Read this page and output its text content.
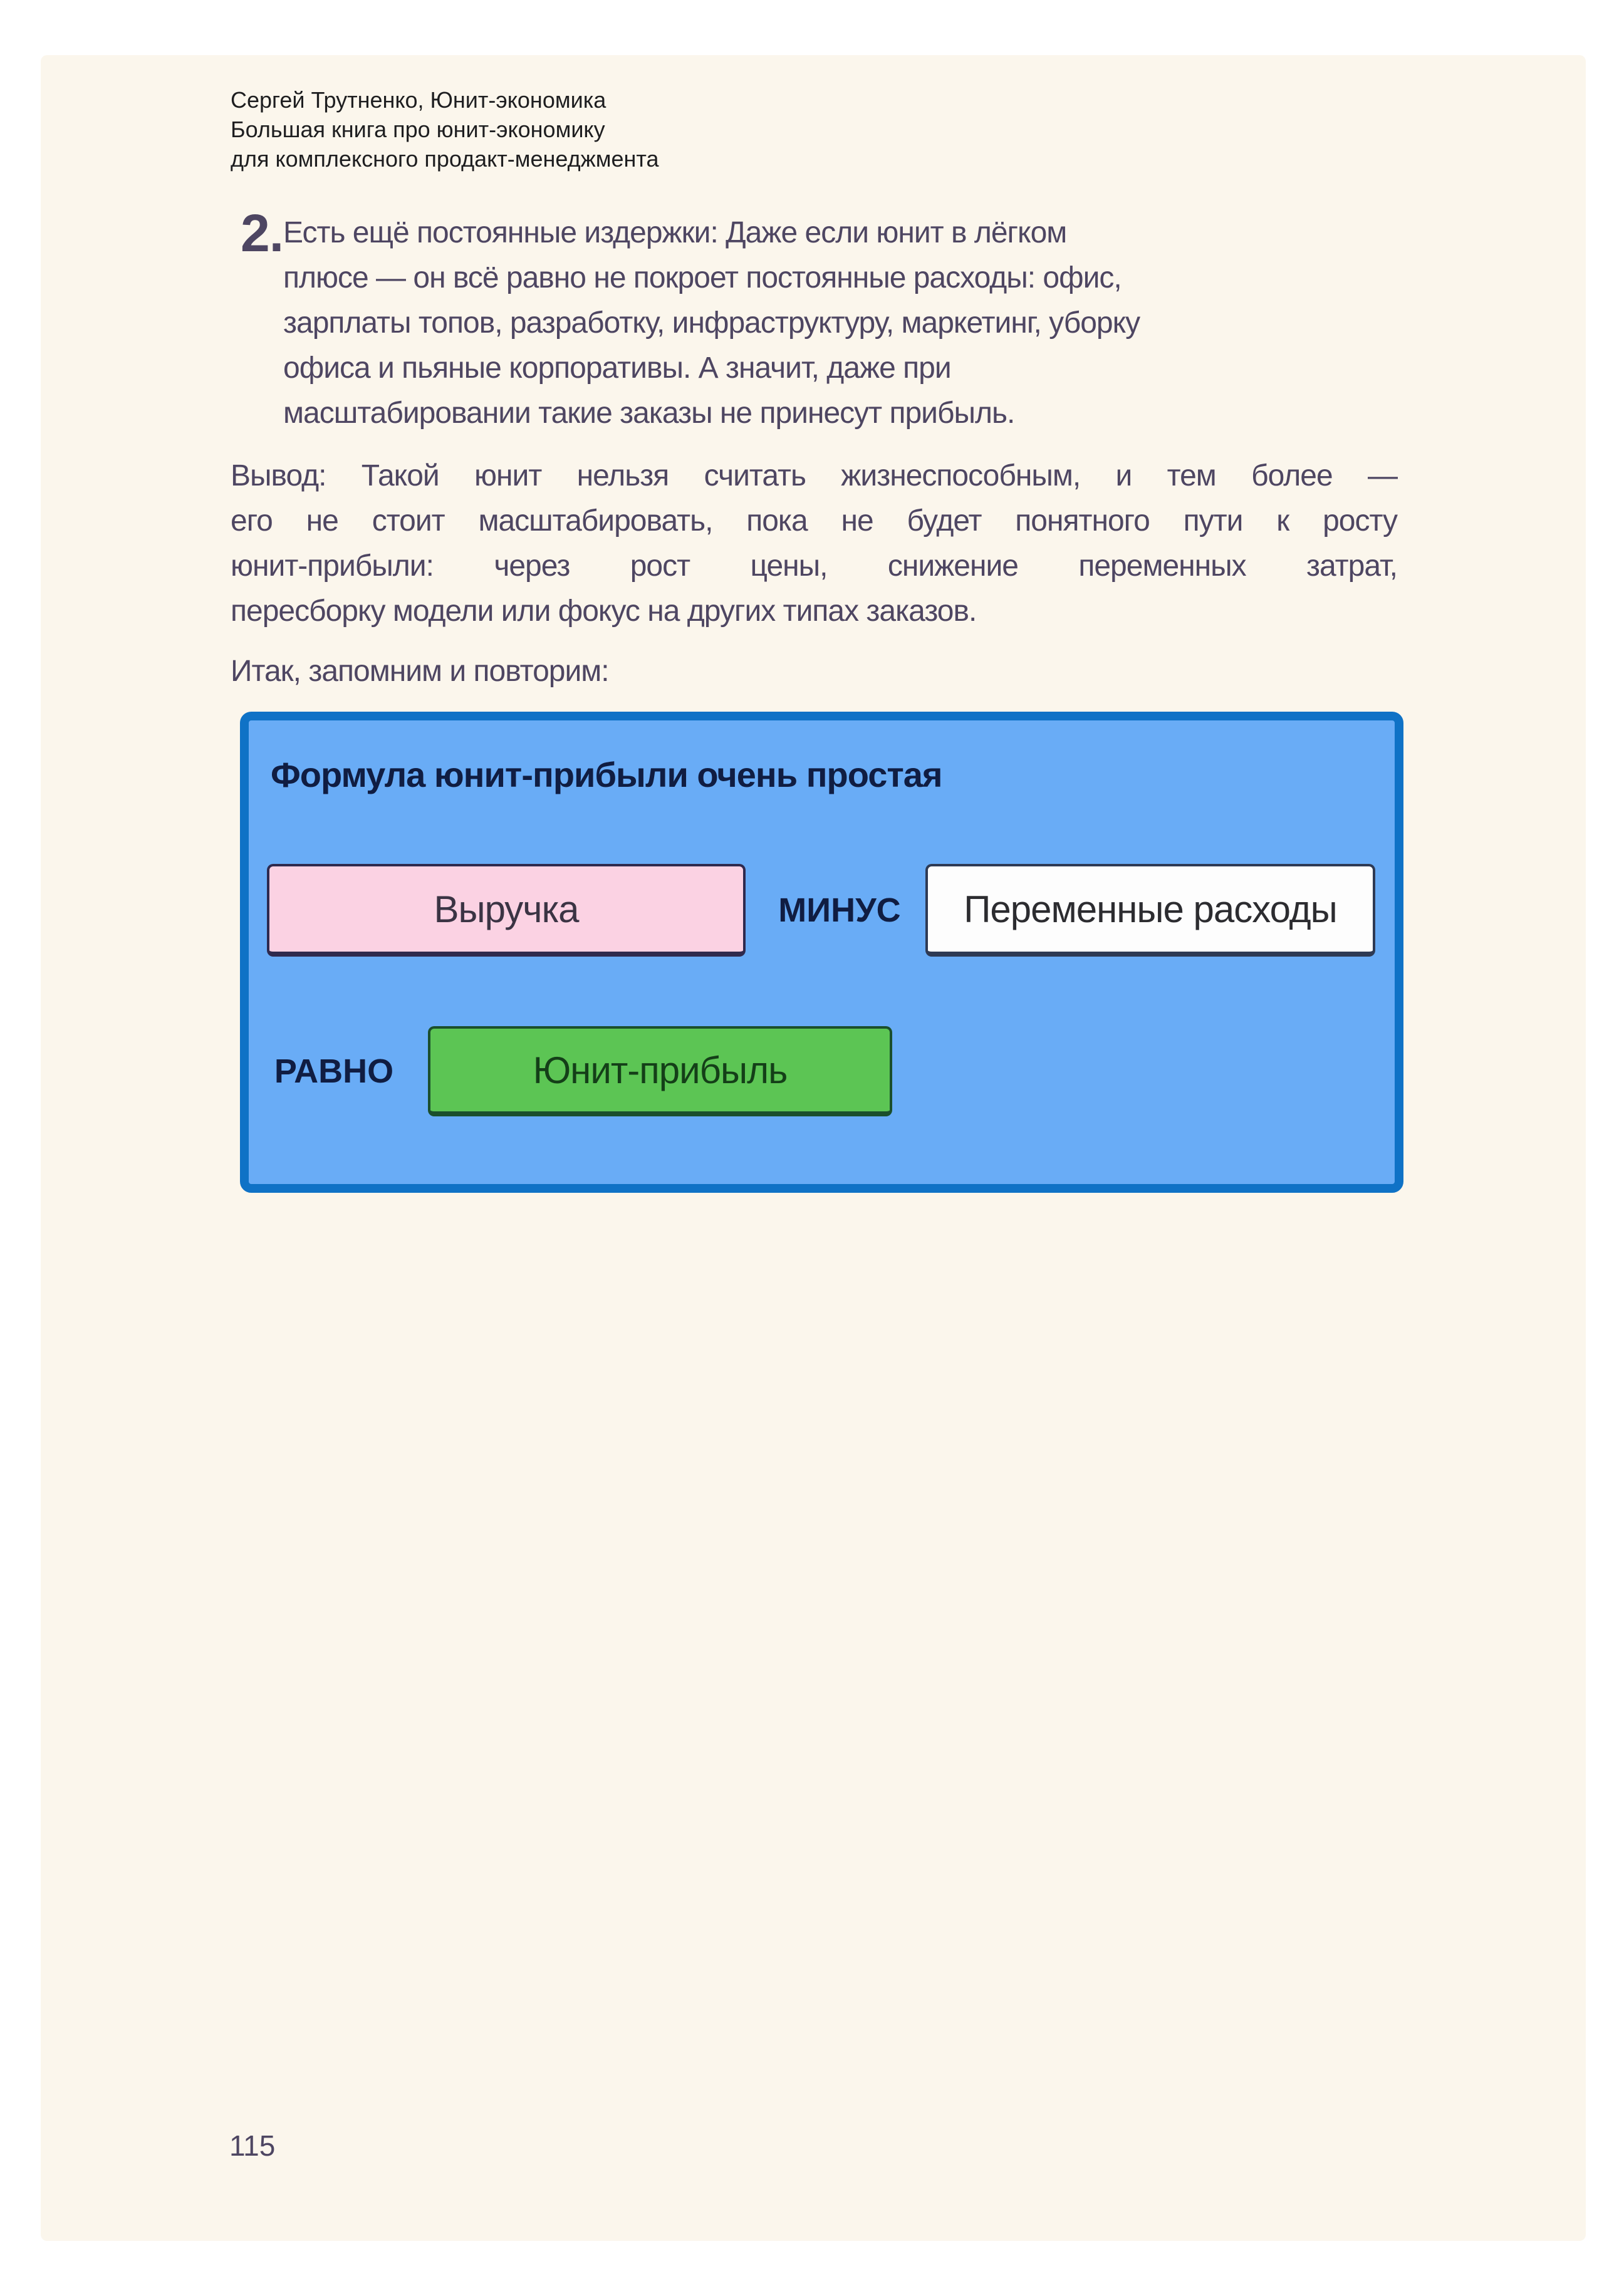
Сергей Трутненко, Юнит-экономика
Большая книга про юнит-экономику
для комплексного продакт-менеджмента
2. Есть ещё постоянные издержки: Даже если юнит в лёгком
плюсе — он всё равно не покроет постоянные расходы: офис,
зарплаты топов, разработку, инфраструктуру, маркетинг, уборку
офиса и пьяные корпоративы. А значит, даже при
масштабировании такие заказы не принесут прибыль.
Вывод: Такой юнит нельзя считать жизнеспособным, и тем более —
его не стоит масштабировать, пока не будет понятного пути к росту
юнит-прибыли: через рост цены, снижение переменных затрат,
пересборку модели или фокус на других типах заказов.
Итак, запомним и повторим:
Формула юнит-прибыли очень простая
Выручка	МИНУС Переменные расходы
РАВНО	Юнит-прибыль
115
